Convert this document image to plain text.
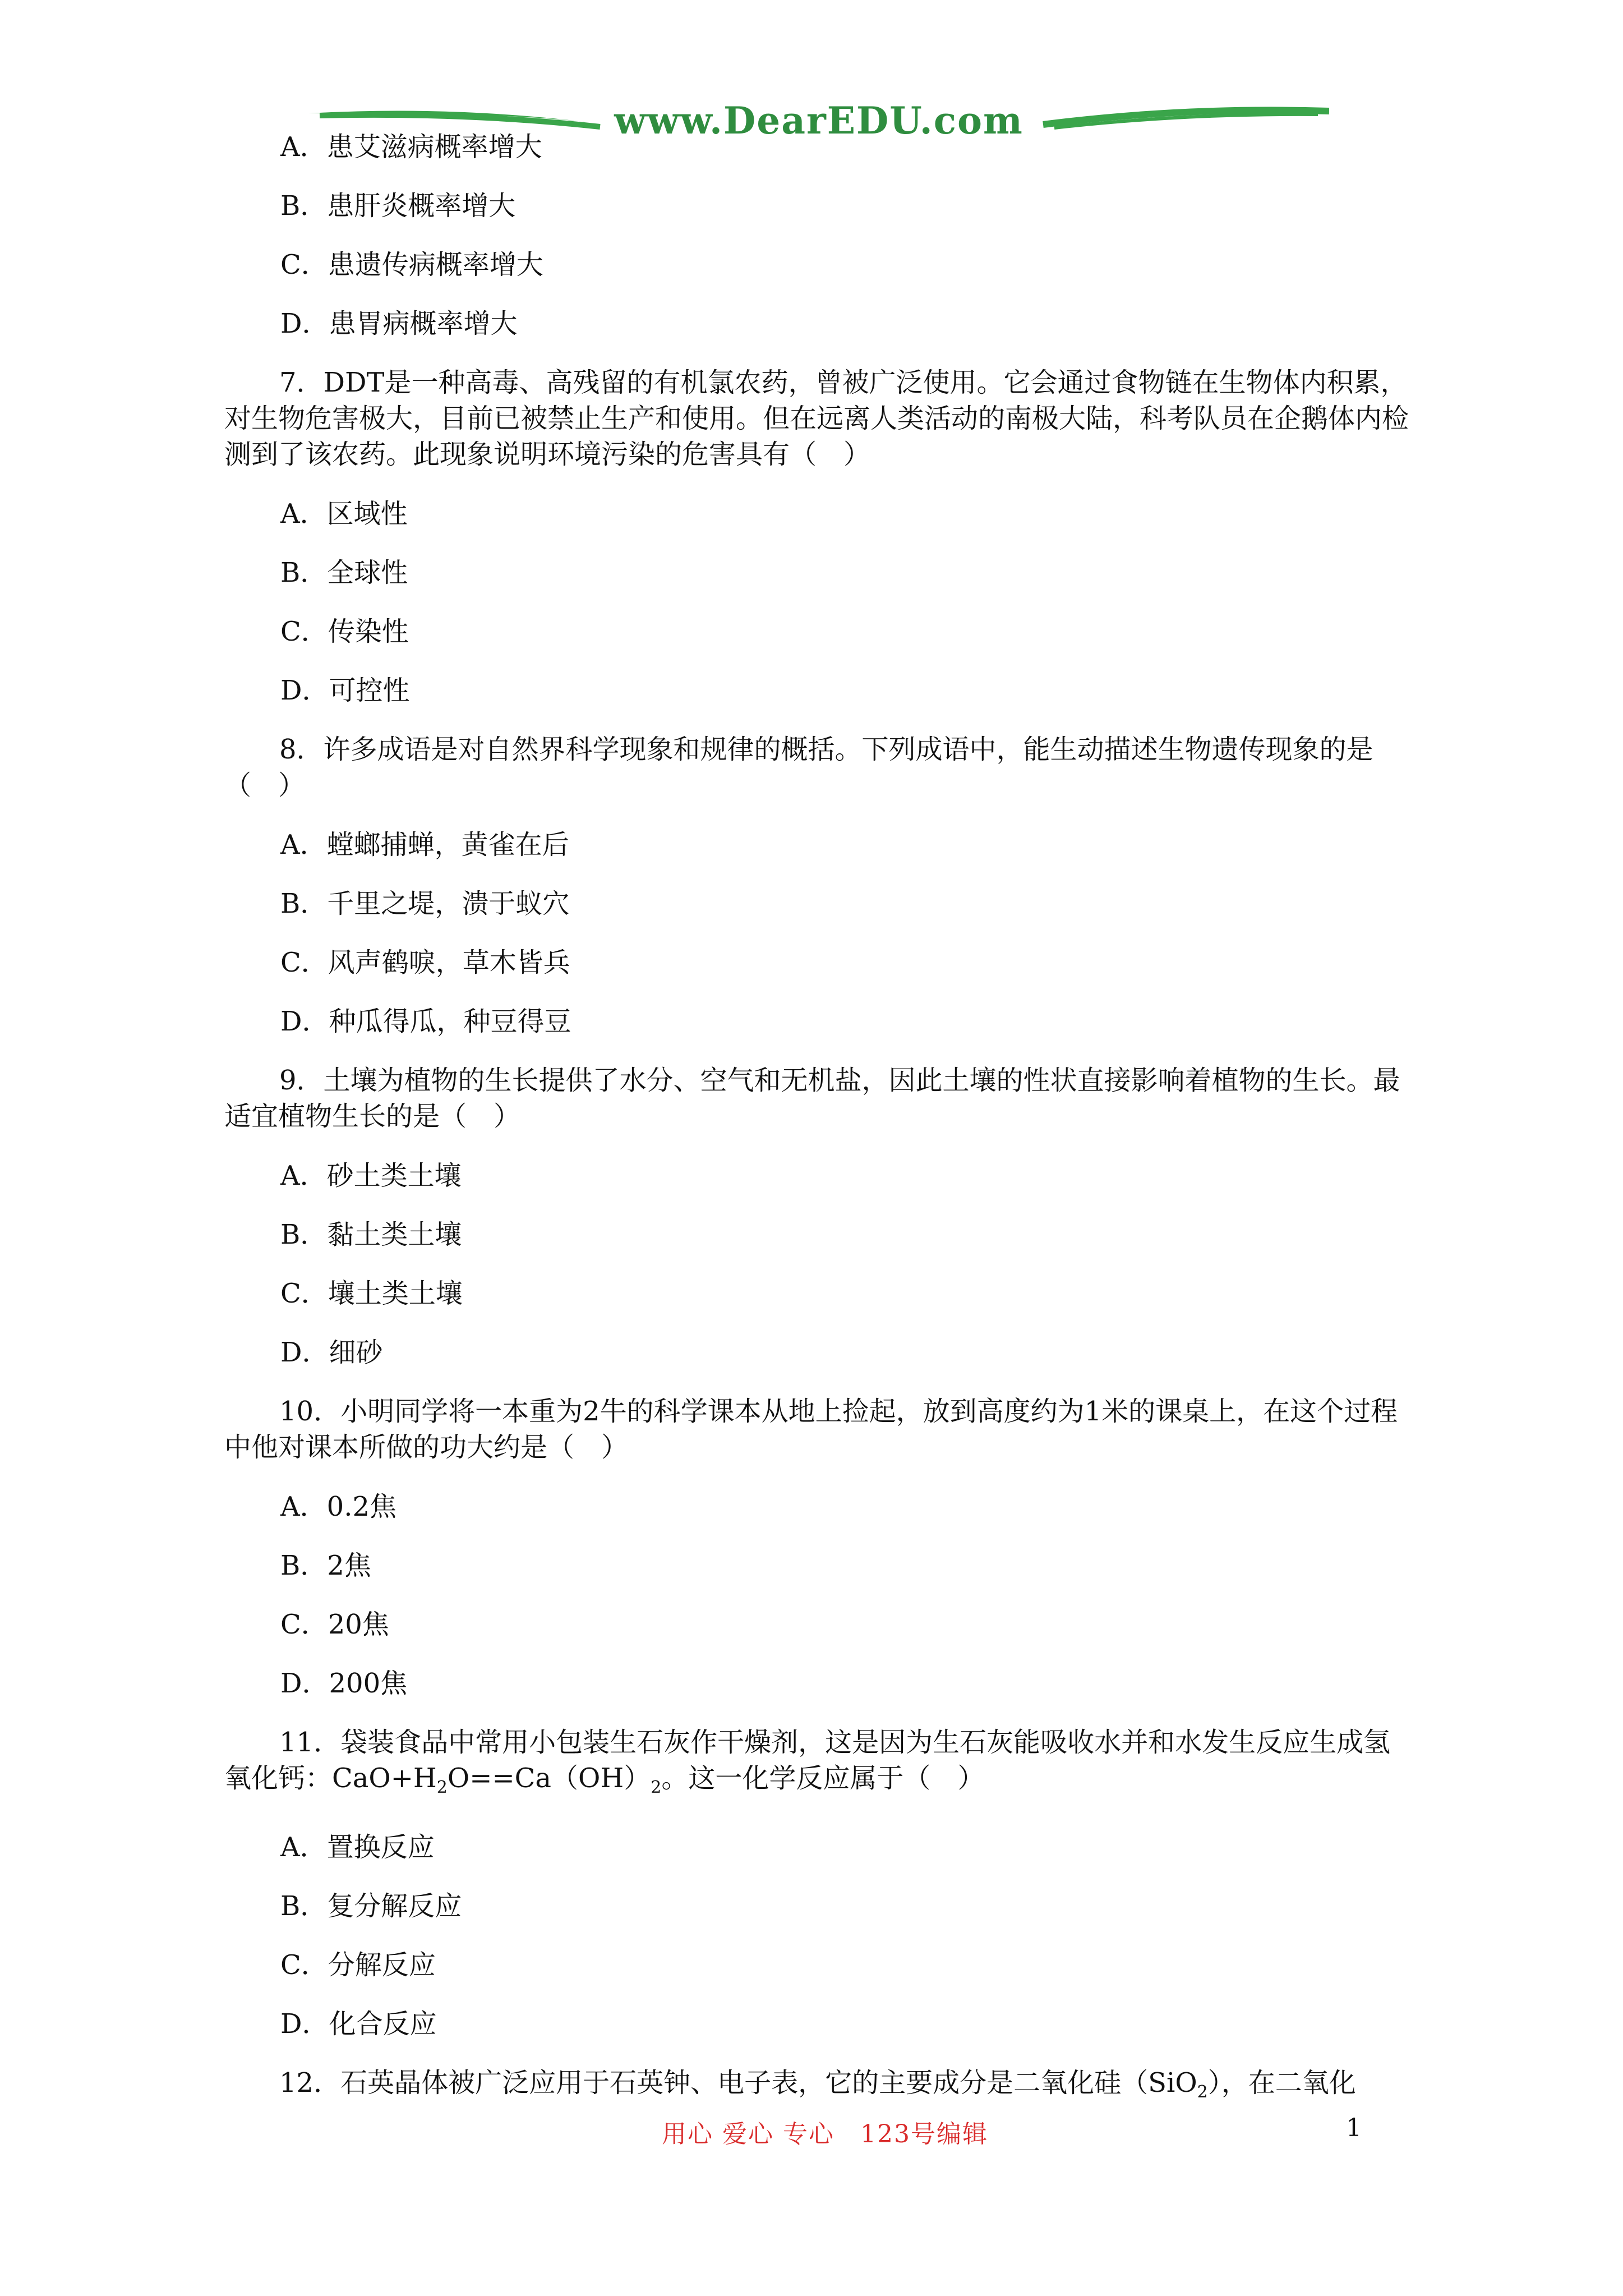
www.DearEDU.com
A．患艾滋病概率增大
B．患肝炎概率增大
C．患遗传病概率增大
D．患胃病概率增大
7．DDT是一种高毒、高残留的有机氯农药，曾被广泛使用。它会通过食物链在生物体内积累，对生物危害极大，目前已被禁止生产和使用。但在远离人类活动的南极大陆，科考队员在企鹅体内检测到了该农药。此现象说明环境污染的危害具有（　）
A．区域性
B．全球性
C．传染性
D．可控性
8．许多成语是对自然界科学现象和规律的概括。下列成语中，能生动描述生物遗传现象的是（　）
A．螳螂捕蝉，黄雀在后
B．千里之堤，溃于蚁穴
C．风声鹤唳，草木皆兵
D．种瓜得瓜，种豆得豆
9．土壤为植物的生长提供了水分、空气和无机盐，因此土壤的性状直接影响着植物的生长。最适宜植物生长的是（　）
A．砂土类土壤
B．黏土类土壤
C．壤土类土壤
D．细砂
10．小明同学将一本重为2牛的科学课本从地上捡起，放到高度约为1米的课桌上，在这个过程中他对课本所做的功大约是（　）
A．0.2焦
B．2焦
C．20焦
D．200焦
11．袋装食品中常用小包装生石灰作干燥剂，这是因为生石灰能吸收水并和水发生反应生成氢氧化钙：$CaO+H_2O==Ca(OH)_2$。这一化学反应属于（　）
A．置换反应
B．复分解反应
C．分解反应
D．化合反应
12．石英晶体被广泛应用于石英钟、电子表，它的主要成分是二氧化硅（SiO$_2$），在二氧化
用心 爱心 专心　123号编辑	1
